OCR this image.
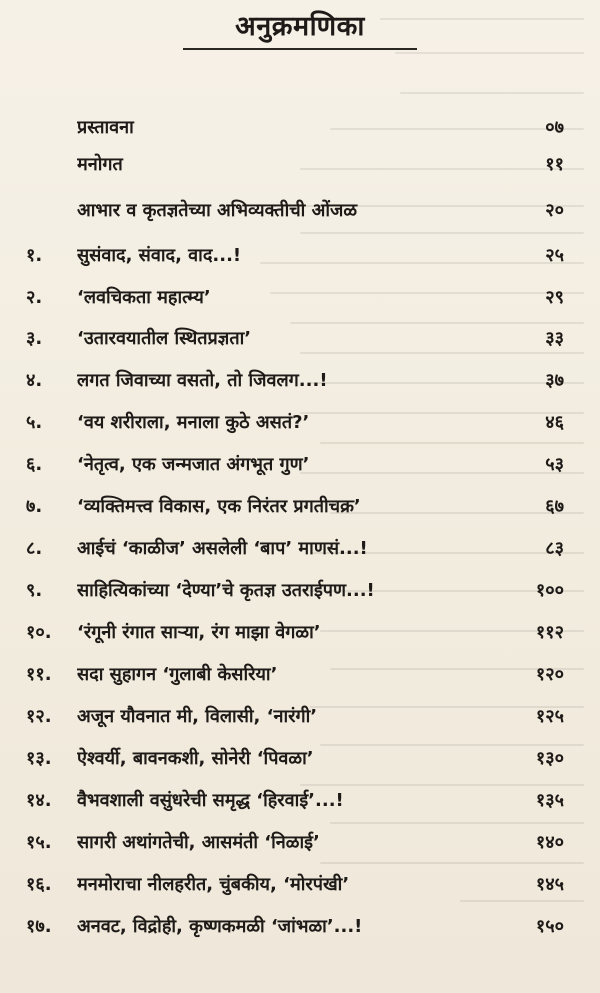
अनुक्रमणिका
प्रस्तावना	०७
मनोगत	११
आभार व कृतज्ञतेच्या अभिव्यक्तीची ओंजळ	२०
१.	सुसंवाद, संवाद, वाद...!	२५
२.	‘लवचिकता महात्म्य’	२९
३.	‘उतारवयातील स्थितप्रज्ञता’	३३
४.	लगत जिवाच्या वसतो, तो जिवलग...!	३७
५.	‘वय शरीराला, मनाला कुठे असतं?’	४६
६.	‘नेतृत्व, एक जन्मजात अंगभूत गुण’	५३
७.	‘व्यक्तिमत्त्व विकास, एक निरंतर प्रगतीचक्र’	६७
८.	आईचं ‘काळीज’ असलेली ‘बाप’ माणसं...!	८३
९.	साहित्यिकांच्या ‘देण्या’चे कृतज्ञ उतराईपण...!	१००
१०.	‘रंगूनी रंगात साऱ्या, रंग माझा वेगळा’	११२
११.	सदा सुहागन ‘गुलाबी केसरिया’	१२०
१२.	अजून यौवनात मी, विलासी, ‘नारंगी’	१२५
१३.	ऐश्वर्यी, बावनकशी, सोनेरी ‘पिवळा’	१३०
१४.	वैभवशाली वसुंधरेची समृद्ध ‘हिरवाई’...!	१३५
१५.	सागरी अथांगतेची, आसमंती ‘निळाई’	१४०
१६.	मनमोराचा नीलहरीत, चुंबकीय, ‘मोरपंखी’	१४५
१७.	अनवट, विद्रोही, कृष्णकमळी ‘जांभळा’...!	१५०
